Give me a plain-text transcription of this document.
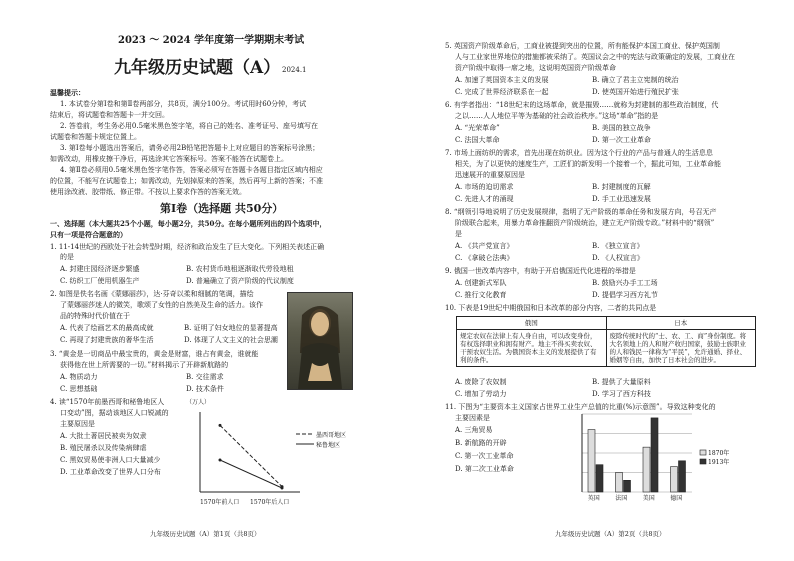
2023 ～ 2024 学年度第一学期期末考试
九年级历史试题（A） 2024.1
温馨提示：
1. 本试卷分第Ⅰ卷和第Ⅱ卷两部分，共8页，满分100分。考试用时60分钟，考试
结束后，将试题卷和答题卡一并交回。
2. 答卷前，考生务必用0.5毫米黑色签字笔，将自己的姓名、准考证号、座号填写在
试题卷和答题卡规定位置上。
3. 第Ⅰ卷每小题选出答案后，请务必用2B铅笔把答题卡上对应题目的答案标号涂黑；
如需改动，用橡皮擦干净后，再选涂其它答案标号。答案不能答在试题卷上。
4. 第Ⅱ卷必须用0.5毫米黑色签字笔作答，答案必须写在答题卡各题目指定区域内相应
的位置，不能写在试题卷上；如需改动，先划掉原来的答案，然后再写上新的答案；不准
使用涂改液、胶带纸、修正带。不按以上要求作答的答案无效。
第Ⅰ卷（选择题 共50分）
一、选择题（本大题共25个小题，每小题2分，共50分。在每小题所列出的四个选项中，
只有一项是符合题意的）
1. 11-14世纪的西欧处于社会转型时期，经济和政治发生了巨大变化。下列相关表述正确
的是
A. 封建庄园经济逐步繁盛	B. 农村货币地租逐渐取代劳役地租
C. 纺织工厂使用机器生产	D. 普遍确立了资产阶级的代议制度
2. 如图是佚名名画《蒙娜丽莎》，达·芬奇以柔和细腻的笔调，描绘
了蒙娜丽莎迷人的微笑，歌颂了女性的自然美及生命的活力。该作
品的特殊时代价值在于
A. 代表了绘画艺术的最高成就	B. 证明了妇女地位的显著提高
C. 再现了封建贵族的奢华生活	D. 体现了人文主义的社会思潮
3. “黄金是一切商品中最宝贵的，黄金是财富，谁占有黄金，谁就能
获得他在世上所需要的一切。”材料揭示了开辟新航路的
A. 物质动力	B. 交往需求
C. 思想基础	D. 技术条件
4. 读“1570年前墨西哥和秘鲁地区人
口变动”图，据动该地区人口锐减的
主要原因是
A. 大批土著居民被卖为奴隶
B. 殖民屠杀以及传染病肆虐
C. 黑奴贸易使非洲人口大量减少
D. 工业革命改变了世界人口分布
（万人）
1570年前人口 1570年后人口
墨西哥地区
秘鲁地区
九年级历史试题（A）第1页（共8页）
5. 英国资产阶级革命后，工商业被提到突出的位置，所有能保护本国工商业、保护英国制
人与工业家世界地位的措施都被采纳了。英国议会之中的宪法与政策确定的发展，工商业在
资产阶级中取得一席之地，这说明英国资产阶级革命
A. 加速了英国资本主义的发展	B. 确立了君主立宪制的统治
C. 完成了世界经济联系在一起	D. 使英国开始进行殖民扩张
6. 有学者指出：“18世纪末的这场革命，就是摧毁……就称为封建制的那些政治制度，代
之以……人人地位平等为基础的社会政治秩序。”这场“革命”指的是
A. “光荣革命”	B. 美国的独立战争
C. 法国大革命	D. 第一次工业革命
7. 市场上面纺织的需求，首先出现在纺织业。因为这个行业的产品与普通人的生活息息
相关，为了以更快的速度生产，工匠们的新发明一个接着一个，掘此可知，工业革命能
迅速展开的重要原因是
A. 市场的迫切需求	B. 封建制度的瓦解
C. 先进人才的涌现	D. 手工业迅速发展
8. “纲领引导地说明了历史发展规律，指明了无产阶级的革命任务和发展方向，号召无产
阶级联合起来，用暴力革命推翻资产阶级统治，建立无产阶级专政。”材料中的“纲领”
是
A. 《共产党宣言》	B. 《独立宣言》
C. 《拿破仑法典》	D. 《人权宣言》
9. 俄国一世改革内容中，有助于开启俄国近代化进程的举措是
A. 创建新式军队	B. 鼓励兴办手工工场
C. 推行文化教育	D. 提倡学习西方礼节
10. 下表是19世纪中期俄国和日本改革的部分内容，二者的共同点是
俄国	日本
规定农奴在法律上有人身自由，可以改变身份，有权选择职业和拥有财产。地主不得买卖农奴、干预农奴生活。为俄国资本主义的发展提供了有利的条件。	废除传统时代的“士、农、工、商”身份制度。将大名领地上的人和财产收归国家，鼓励士族职业的人和钱民一律称为“平民”，允许通婚、择业、婚姻等自由，加快了日本社会的进步。
A. 废除了农奴制	B. 提供了大量原料
C. 增加了劳动力	D. 学习了西方科技
11. 下图为“主要资本主义国家占世界工业生产总值的比重(%)示意图”。导致这种变化的
主要因素是
A. 三角贸易
B. 新航路的开辟
C. 第一次工业革命
D. 第二次工业革命
英国	法国	美国	德国
1870年
1913年
九年级历史试题（A）第2页（共8页）
